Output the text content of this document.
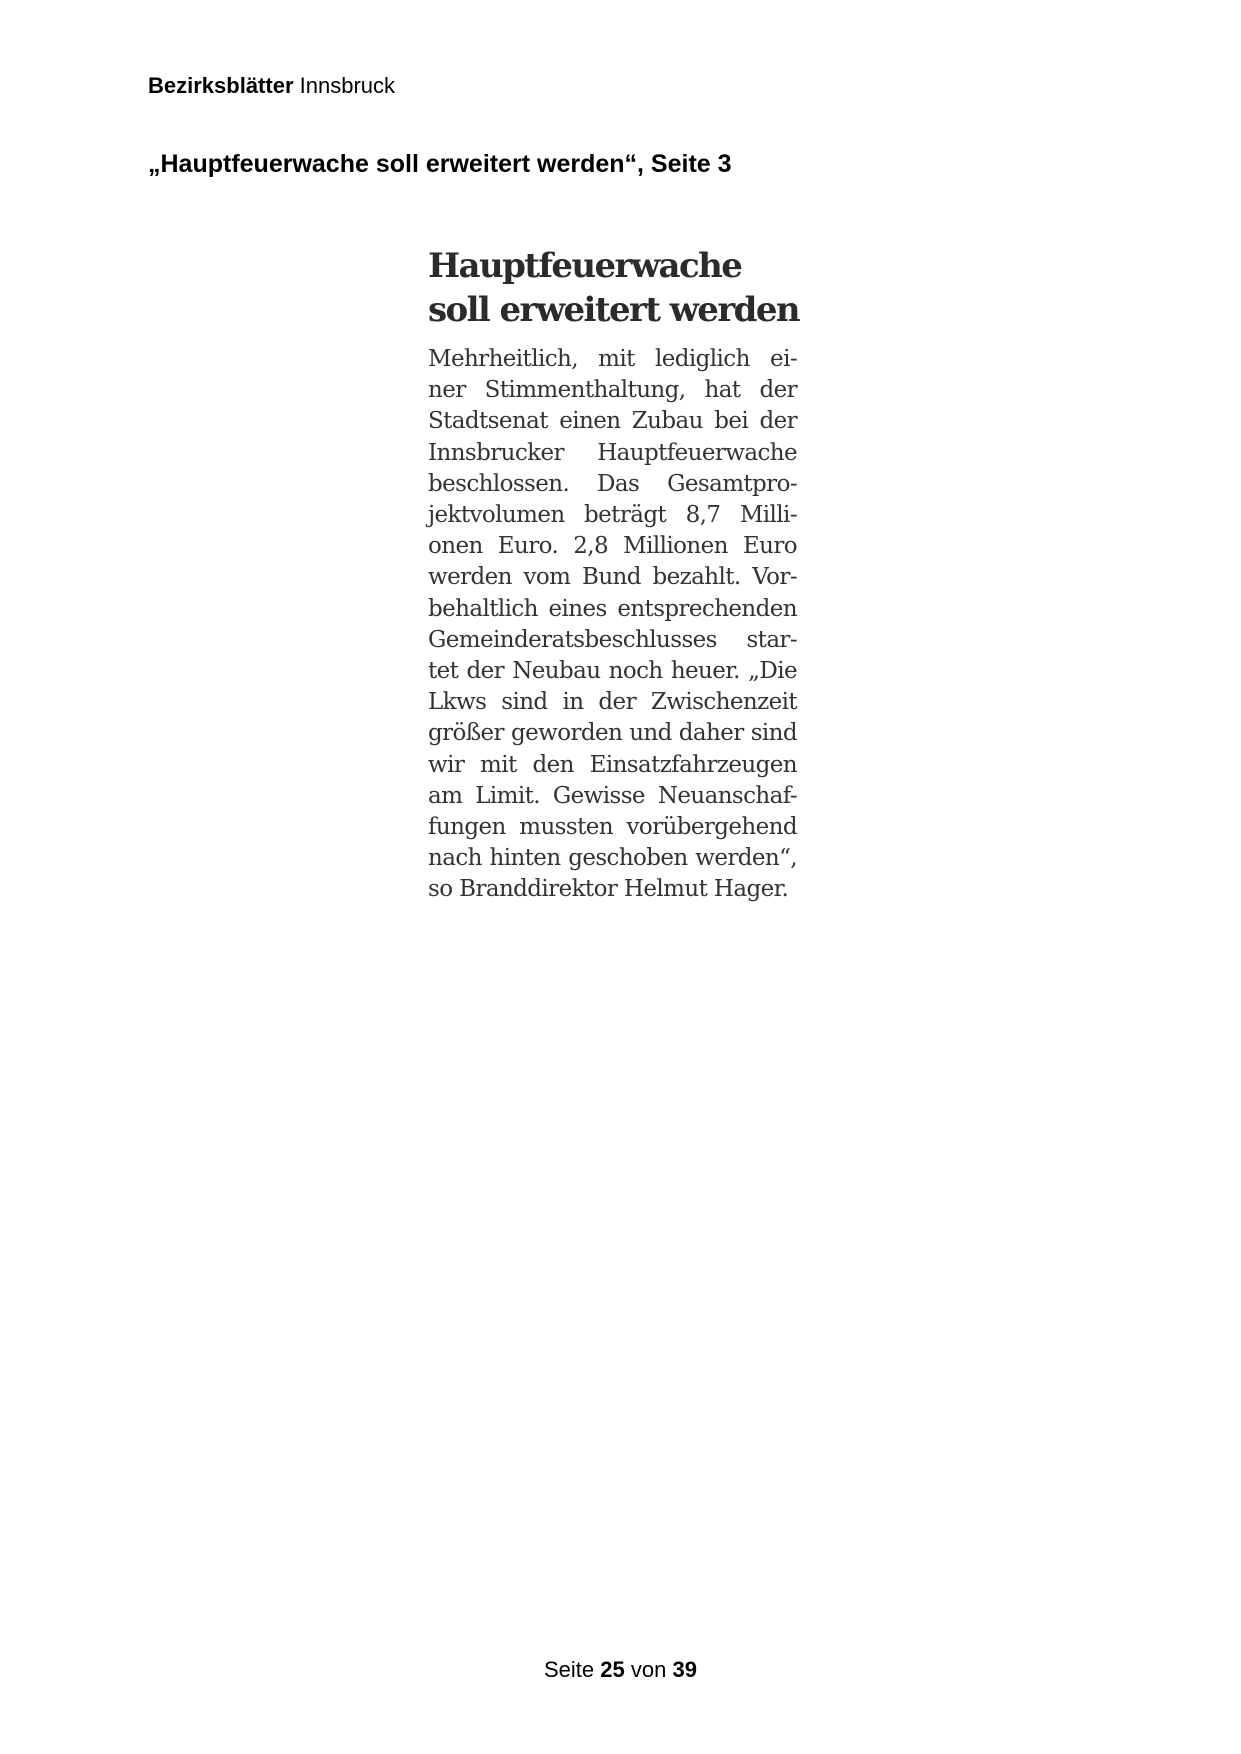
Bezirksblätter Innsbruck
„Hauptfeuerwache soll erweitert werden“, Seite 3
Hauptfeuerwache
soll erweitert werden
Mehrheitlich, mit lediglich ei-
ner Stimmenthaltung, hat der
Stadtsenat einen Zubau bei der
Innsbrucker Hauptfeuerwache
beschlossen. Das Gesamtpro-
jektvolumen beträgt 8,7 Milli-
onen Euro. 2,8 Millionen Euro
werden vom Bund bezahlt. Vor-
behaltlich eines entsprechenden
Gemeinderatsbeschlusses star-
tet der Neubau noch heuer. „Die
Lkws sind in der Zwischenzeit
größer geworden und daher sind
wir mit den Einsatzfahrzeugen
am Limit. Gewisse Neuanschaf-
fungen mussten vorübergehend
nach hinten geschoben werden“,
so Branddirektor Helmut Hager.
Seite 25 von 39
